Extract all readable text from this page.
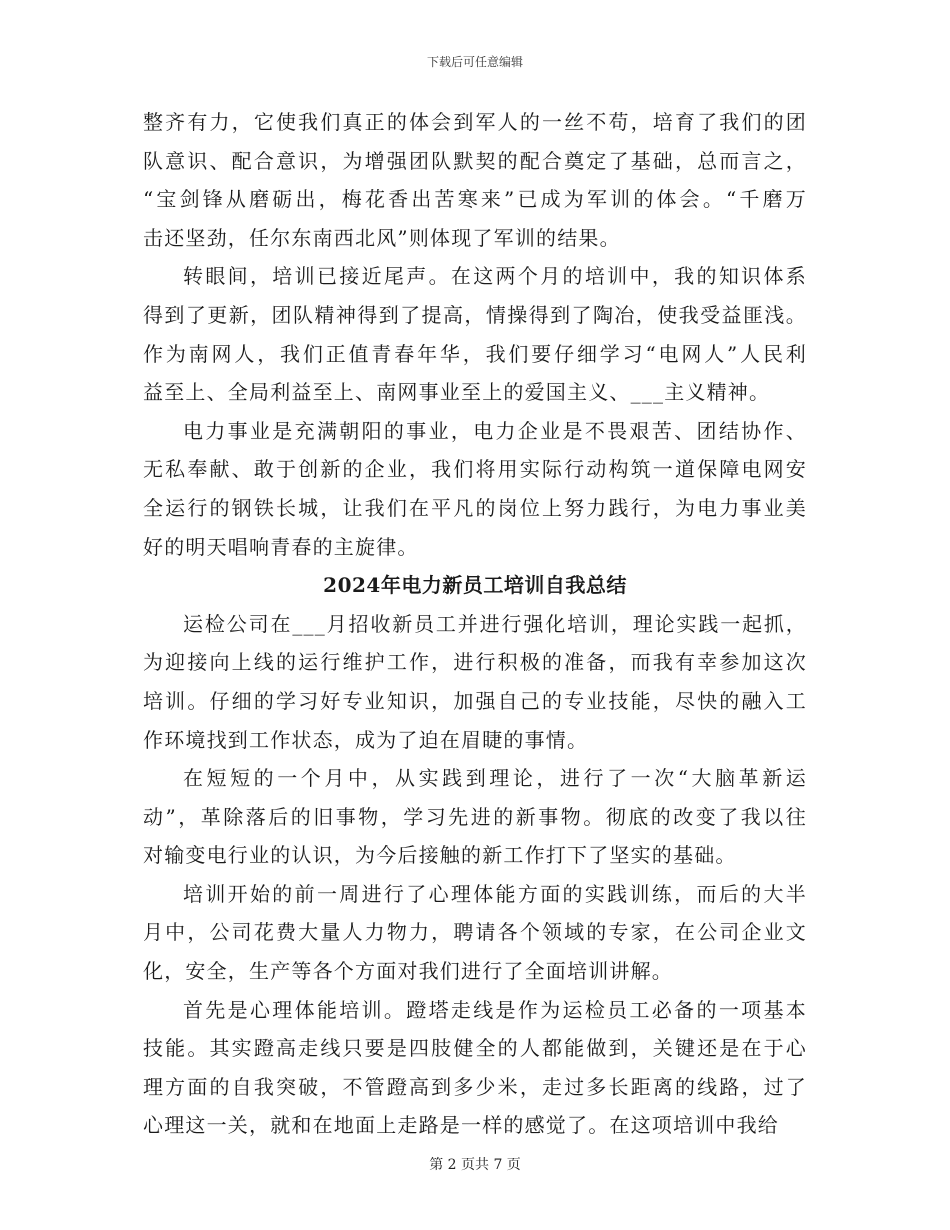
下载后可任意编辑

整齐有力，它使我们真正的体会到军人的一丝不苟，培育了我们的团
队意识、配合意识，为增强团队默契的配合奠定了基础，总而言之，
“宝剑锋从磨砺出，梅花香出苦寒来”已成为军训的体会。“千磨万
击还坚劲，任尔东南西北风”则体现了军训的结果。

转眼间，培训已接近尾声。在这两个月的培训中，我的知识体系
得到了更新，团队精神得到了提高，情操得到了陶冶，使我受益匪浅。
作为南网人，我们正值青春年华，我们要仔细学习“电网人”人民利
益至上、全局利益至上、南网事业至上的爱国主义、___主义精神。

电力事业是充满朝阳的事业，电力企业是不畏艰苦、团结协作、
无私奉献、敢于创新的企业，我们将用实际行动构筑一道保障电网安
全运行的钢铁长城，让我们在平凡的岗位上努力践行，为电力事业美
好的明天唱响青春的主旋律。

2024年电力新员工培训自我总结

运检公司在___月招收新员工并进行强化培训，理论实践一起抓，
为迎接向上线的运行维护工作，进行积极的准备，而我有幸参加这次
培训。仔细的学习好专业知识，加强自己的专业技能，尽快的融入工
作环境找到工作状态，成为了迫在眉睫的事情。

在短短的一个月中，从实践到理论，进行了一次“大脑革新运
动”，革除落后的旧事物，学习先进的新事物。彻底的改变了我以往
对输变电行业的认识，为今后接触的新工作打下了坚实的基础。

培训开始的前一周进行了心理体能方面的实践训练，而后的大半
月中，公司花费大量人力物力，聘请各个领域的专家，在公司企业文
化，安全，生产等各个方面对我们进行了全面培训讲解。

首先是心理体能培训。蹬塔走线是作为运检员工必备的一项基本
技能。其实蹬高走线只要是四肢健全的人都能做到，关键还是在于心
理方面的自我突破，不管蹬高到多少米，走过多长距离的线路，过了
心理这一关，就和在地面上走路是一样的感觉了。在这项培训中我给

第 2 页共 7 页
